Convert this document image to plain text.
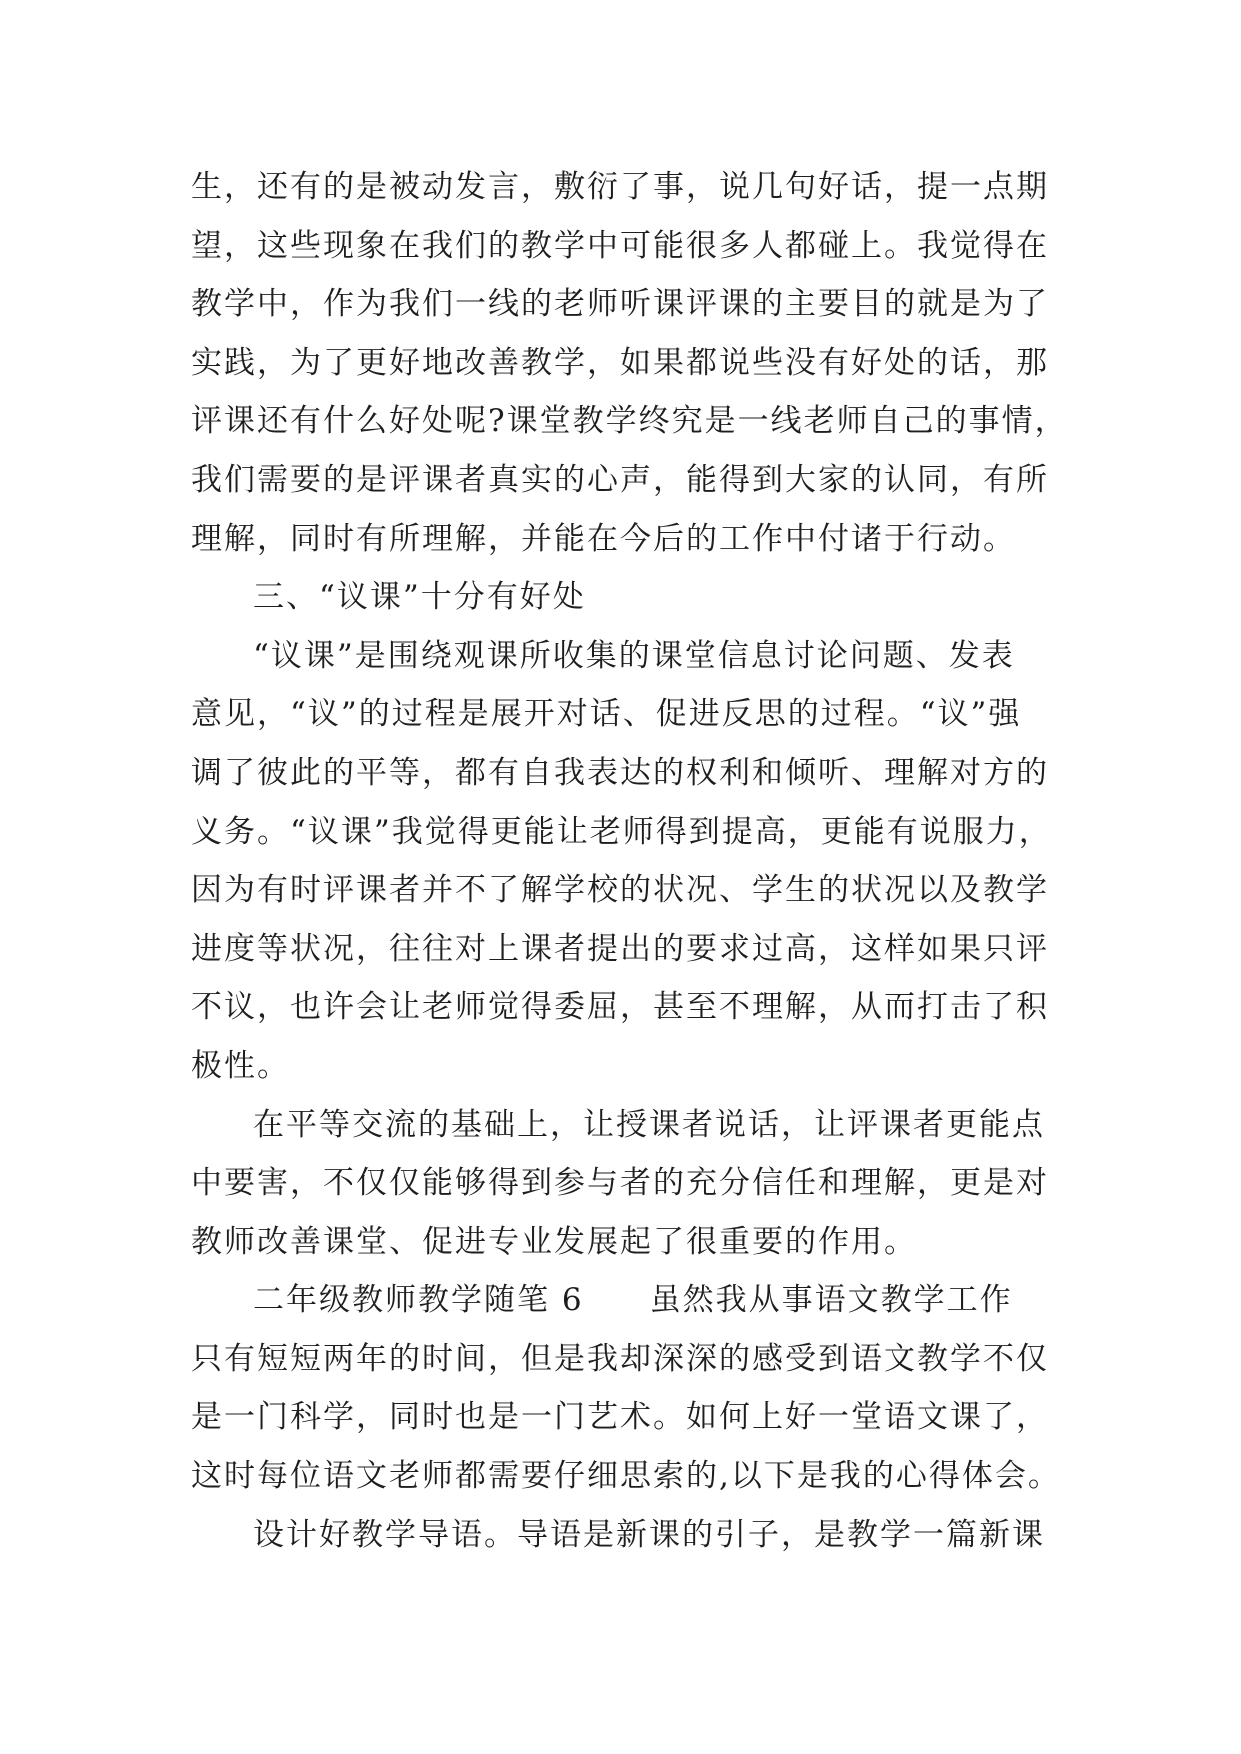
生，还有的是被动发言，敷衍了事，说几句好话，提一点期
望，这些现象在我们的教学中可能很多人都碰上。我觉得在
教学中，作为我们一线的老师听课评课的主要目的就是为了
实践，为了更好地改善教学，如果都说些没有好处的话，那
评课还有什么好处呢?课堂教学终究是一线老师自己的事情，
我们需要的是评课者真实的心声，能得到大家的认同，有所
理解，同时有所理解，并能在今后的工作中付诸于行动。
三、“议课”十分有好处
“议课”是围绕观课所收集的课堂信息讨论问题、发表
意见，“议”的过程是展开对话、促进反思的过程。“议”强
调了彼此的平等，都有自我表达的权利和倾听、理解对方的
义务。“议课”我觉得更能让老师得到提高，更能有说服力，
因为有时评课者并不了解学校的状况、学生的状况以及教学
进度等状况，往往对上课者提出的要求过高，这样如果只评
不议，也许会让老师觉得委屈，甚至不理解，从而打击了积
极性。
在平等交流的基础上，让授课者说话，让评课者更能点
中要害，不仅仅能够得到参与者的充分信任和理解，更是对
教师改善课堂、促进专业发展起了很重要的作用。
二年级教师教学随笔 6　　虽然我从事语文教学工作
只有短短两年的时间，但是我却深深的感受到语文教学不仅
是一门科学，同时也是一门艺术。如何上好一堂语文课了，
这时每位语文老师都需要仔细思索的,以下是我的心得体会。
设计好教学导语。导语是新课的引子，是教学一篇新课
